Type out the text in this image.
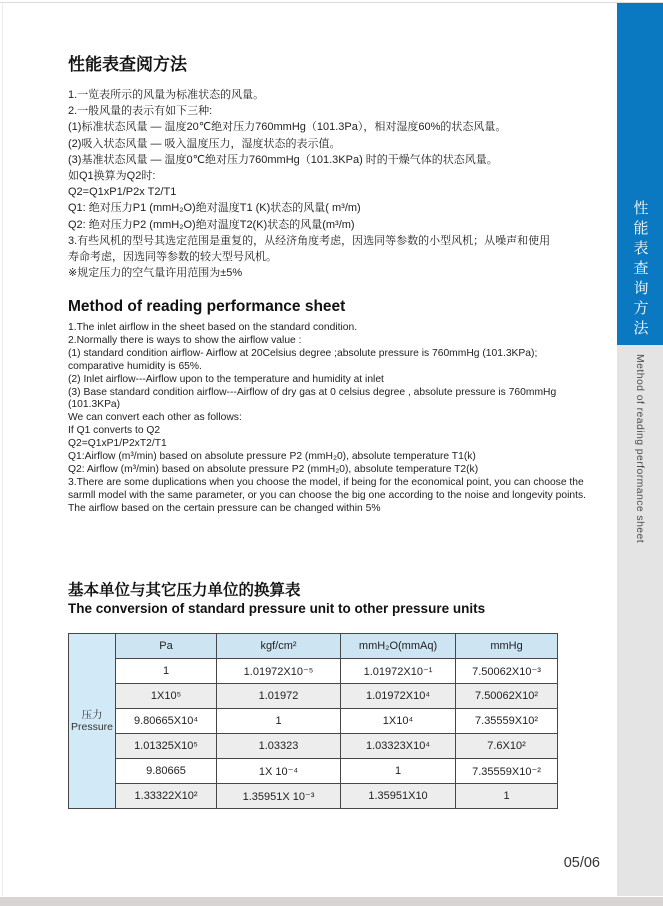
性能表查询方法
Method of reading performance sheet
性能表查阅方法
1.一览表所示的风量为标准状态的风量。
2.一般风量的表示有如下三种:
(1)标准状态风量 — 温度20℃绝对压力760mmHg（101.3Pa），相对湿度60%的状态风量。
(2)吸入状态风量 — 吸入温度压力，湿度状态的表示值。
(3)基准状态风量 — 温度0℃绝对压力760mmHg（101.3KPa) 时的干燥气体的状态风量。
如Q1换算为Q2时:
Q2=Q1xP1/P2x T2/T1
Q1: 绝对压力P1 (mmH₂O)绝对温度T1 (K)状态的风量( m³/m)
Q2: 绝对压力P2 (mmH₂O)绝对温度T2(K)状态的风量(m³/m)
3.有些风机的型号其选定范围是重复的，从经济角度考虑，因选同等参数的小型风机；从噪声和使用
寿命考虑，因选同等参数的较大型号风机。
※规定压力的空气量许用范围为±5%
Method of reading performance sheet
1.The inlet airflow in the sheet based on the standard condition.
2.Normally there is ways to show the airflow value :
(1) standard condition airflow- Airflow at 20Celsius degree ;absolute pressure is 760mmHg (101.3KPa);
comparative humidity is 65%.
(2) Inlet airflow---Airflow upon to the temperature and humidity at inlet
(3) Base standard condition airflow---Airflow of dry gas at 0 celsius degree , absolute pressure is 760mmHg (101.3KPa)
We can convert each other as follows:
If Q1 converts to Q2
Q2=Q1xP1/P2xT2/T1
Q1:Airflow (m³/min) based on absolute pressure P2 (mmH₂0), absolute temperature T1(k)
Q2: Airflow (m³/min) based on absolute pressure P2 (mmH₂0), absolute temperature T2(k)
3.There are some duplications when you choose the model, if being for the economical point, you can choose the
sarmll model with the same parameter, or you can choose the big one according to the noise and longevity points.
The airflow based on the certain pressure can be changed within 5%
基本单位与其它压力单位的换算表
The conversion of standard pressure unit to other pressure units
压力
Pressure	Pa	kgf/cm²	mmH₂O(mmAq)	mmHg
	1	1.01972X10⁻⁵	1.01972X10⁻¹	7.50062X10⁻³
	1X10⁵	1.01972	1.01972X10⁴	7.50062X10²
	9.80665X10⁴	1	1X10⁴	7.35559X10²
	1.01325X10⁵	1.03323	1.03323X10⁴	7.6X10²
	9.80665	1X 10⁻⁴	1	7.35559X10⁻²
	1.33322X10²	1.35951X 10⁻³	1.35951X10	1
05/06
